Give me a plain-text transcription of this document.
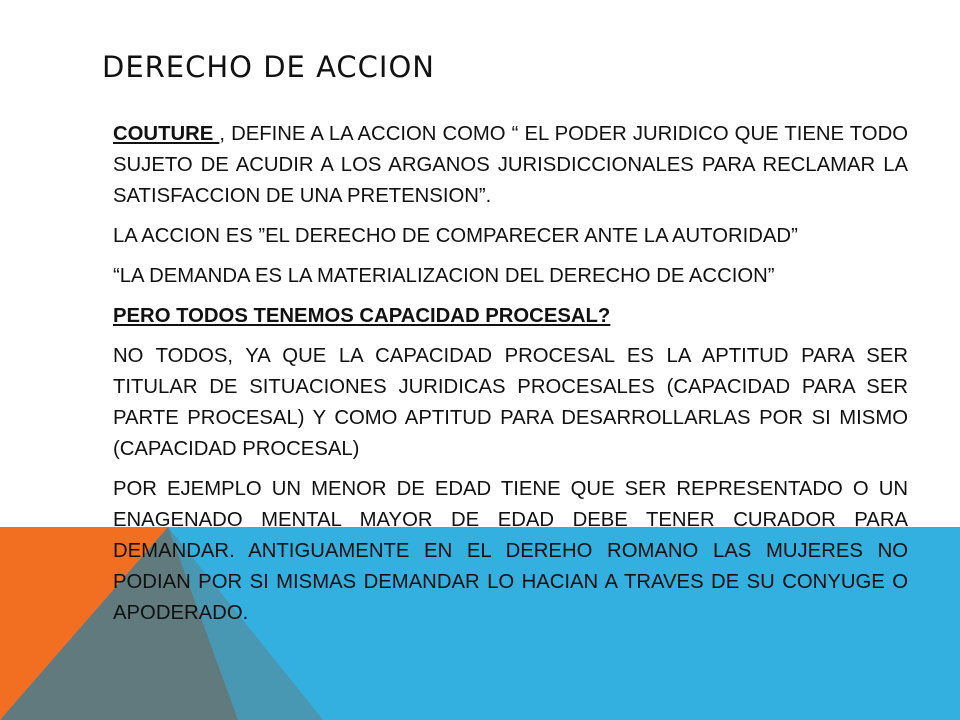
DERECHO DE ACCION

COUTURE , DEFINE A LA ACCION COMO “ EL PODER JURIDICO QUE TIENE TODO SUJETO DE ACUDIR A LOS ARGANOS JURISDICCIONALES PARA RECLAMAR LA SATISFACCION DE UNA PRETENSION”.

LA ACCION ES ”EL DERECHO DE COMPARECER ANTE LA AUTORIDAD”

“LA DEMANDA ES LA MATERIALIZACION DEL DERECHO DE ACCION”

PERO TODOS TENEMOS CAPACIDAD PROCESAL?

NO TODOS, YA QUE LA CAPACIDAD PROCESAL ES LA APTITUD PARA SER TITULAR DE SITUACIONES JURIDICAS PROCESALES (CAPACIDAD PARA SER PARTE PROCESAL) Y COMO APTITUD PARA DESARROLLARLAS POR SI MISMO (CAPACIDAD PROCESAL)

POR EJEMPLO UN MENOR DE EDAD TIENE QUE SER REPRESENTADO O UN ENAGENADO MENTAL MAYOR DE EDAD DEBE TENER CURADOR PARA DEMANDAR. ANTIGUAMENTE EN EL DEREHO ROMANO LAS MUJERES NO PODIAN POR SI MISMAS DEMANDAR LO HACIAN A TRAVES DE SU CONYUGE O APODERADO.
